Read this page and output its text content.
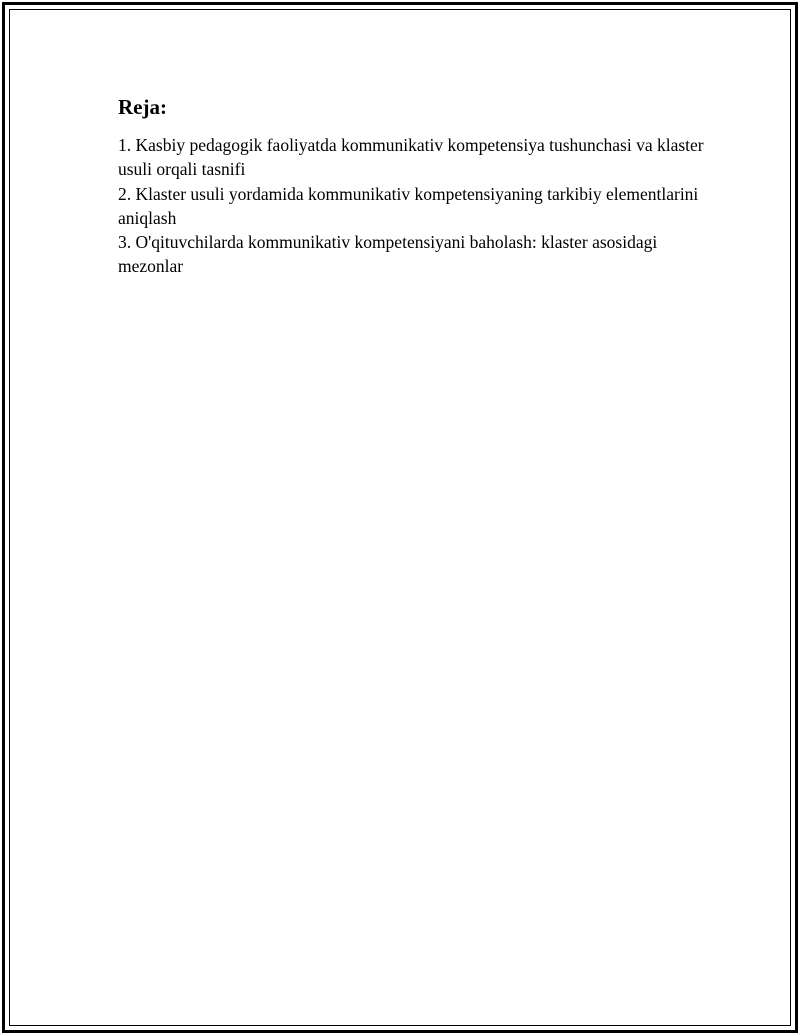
Reja:

1. Kasbiy pedagogik faoliyatda kommunikativ kompetensiya tushunchasi va klaster usuli orqali tasnifi

2. Klaster usuli yordamida kommunikativ kompetensiyaning tarkibiy elementlarini aniqlash

3. O'qituvchilarda kommunikativ kompetensiyani baholash: klaster asosidagi mezonlar
